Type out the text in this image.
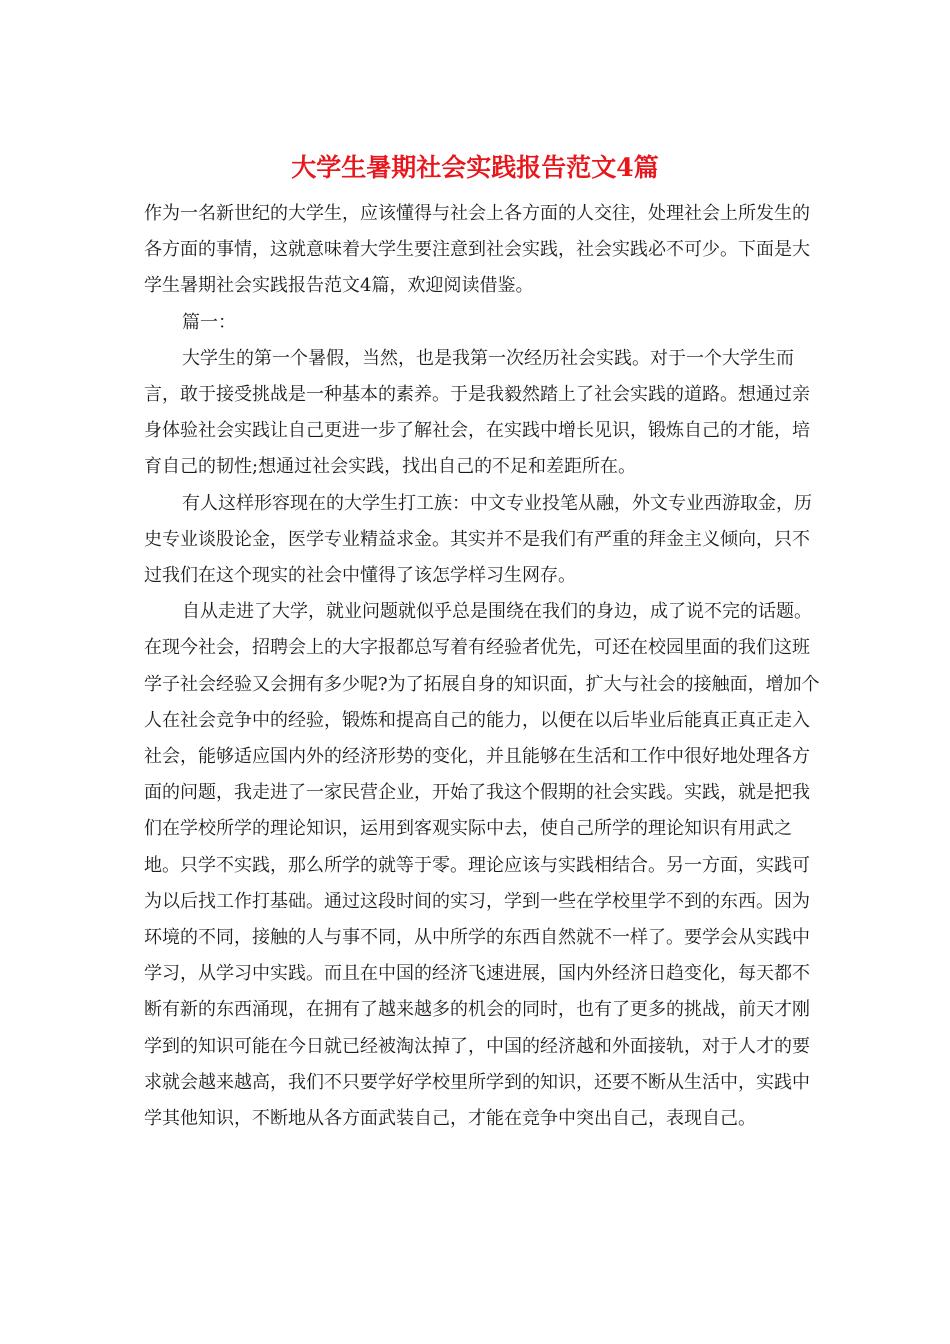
大学生暑期社会实践报告范文4篇

作为一名新世纪的大学生，应该懂得与社会上各方面的人交往，处理社会上所发生的各方面的事情，这就意味着大学生要注意到社会实践，社会实践必不可少。下面是大学生暑期社会实践报告范文4篇，欢迎阅读借鉴。

篇一：

大学生的第一个暑假，当然，也是我第一次经历社会实践。对于一个大学生而言，敢于接受挑战是一种基本的素养。于是我毅然踏上了社会实践的道路。想通过亲身体验社会实践让自己更进一步了解社会，在实践中增长见识，锻炼自己的才能，培育自己的韧性;想通过社会实践，找出自己的不足和差距所在。

有人这样形容现在的大学生打工族：中文专业投笔从融，外文专业西游取金，历史专业谈股论金，医学专业精益求金。其实并不是我们有严重的拜金主义倾向，只不过我们在这个现实的社会中懂得了该怎学样习生网存。

自从走进了大学，就业问题就似乎总是围绕在我们的身边，成了说不完的话题。在现今社会，招聘会上的大字报都总写着有经验者优先，可还在校园里面的我们这班学子社会经验又会拥有多少呢?为了拓展自身的知识面，扩大与社会的接触面，增加个人在社会竞争中的经验，锻炼和提高自己的能力，以便在以后毕业后能真正真正走入社会，能够适应国内外的经济形势的变化，并且能够在生活和工作中很好地处理各方面的问题，我走进了一家民营企业，开始了我这个假期的社会实践。实践，就是把我们在学校所学的理论知识，运用到客观实际中去，使自己所学的理论知识有用武之地。只学不实践，那么所学的就等于零。理论应该与实践相结合。另一方面，实践可为以后找工作打基础。通过这段时间的实习，学到一些在学校里学不到的东西。因为环境的不同，接触的人与事不同，从中所学的东西自然就不一样了。要学会从实践中学习，从学习中实践。而且在中国的经济飞速进展，国内外经济日趋变化，每天都不断有新的东西涌现，在拥有了越来越多的机会的同时，也有了更多的挑战，前天才刚学到的知识可能在今日就已经被淘汰掉了，中国的经济越和外面接轨，对于人才的要求就会越来越高，我们不只要学好学校里所学到的知识，还要不断从生活中，实践中学其他知识，不断地从各方面武装自己，才能在竞争中突出自己，表现自己。
